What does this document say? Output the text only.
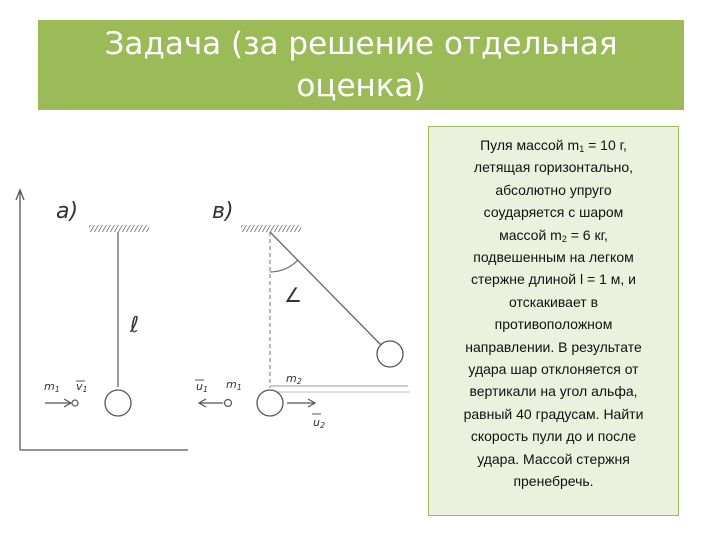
Задача (за решение отдельная
оценка)
а)
ℓ
m1 v1
в)
∠
u1 m1
m2
u2
Пуля массой $m_1 = 10$ г,
летящая горизонтально,
абсолютно упруго
соударяется с шаром
массой $m_2 = 6$ кг,
подвешенным на легком
стержне длиной l = 1 м, и
отскакивает в
противоположном
направлении. В результате
удара шар отклоняется от
вертикали на угол альфа,
равный 40 градусам. Найти
скорость пули до и после
удара. Массой стержня
пренебречь.
